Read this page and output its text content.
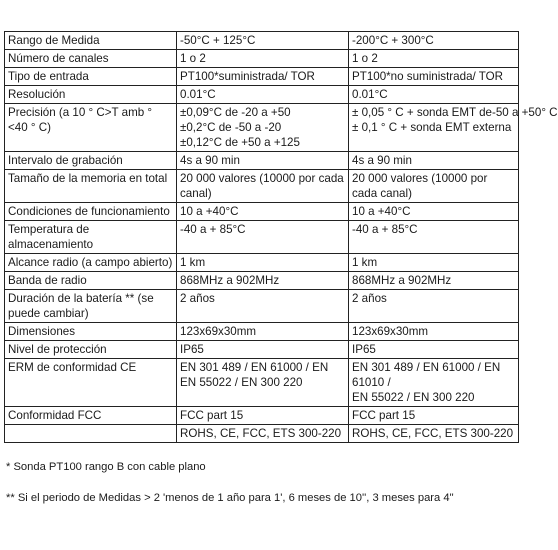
Rango de Medida	-50°C + 125°C	-200°C + 300°C

Número de canales	1 o 2	1 o 2

Tipo de entrada	PT100*suministrada/ TOR	PT100*no suministrada/ TOR

Resolución	0.01°C	0.01°C

Precisión (a 10 ° C>T amb ° <40 ° C)	±0,09°C de -20 a +50
±0,2°C de -50 a -20
±0,12°C de +50 a +125	± 0,05 ° C + sonda EMT de-50 a +50° C
± 0,1 ° C + sonda EMT externa

Intervalo de grabación	4s a 90 min	4s a 90 min

Tamaño de la memoria en total	20 000 valores (10000 por cada canal)	20 000 valores (10000 por cada canal)

Condiciones de funcionamiento	10 a +40°C	10 a +40°C

Temperatura de almacenamiento	-40 a + 85°C	-40 a + 85°C

Alcance radio (a campo abierto)	1 km	1 km

Banda de radio	868MHz a 902MHz	868MHz a 902MHz

Duración de la batería ** (se puede cambiar)	2 años	2 años

Dimensiones	123x69x30mm	123x69x30mm

Nivel de protección	IP65	IP65

ERM de conformidad CE	EN 301 489 / EN 61000 / EN
EN 55022 / EN 300 220	EN 301 489 / EN 61000 / EN
61010 /
EN 55022 / EN 300 220

Conformidad FCC	FCC part 15	FCC part 15

	ROHS, CE, FCC, ETS 300-220	ROHS, CE, FCC, ETS 300-220
* Sonda PT100 rango B con cable plano
** Si el periodo de Medidas > 2 'menos de 1 año para 1', 6 meses de 10'', 3 meses para 4"
